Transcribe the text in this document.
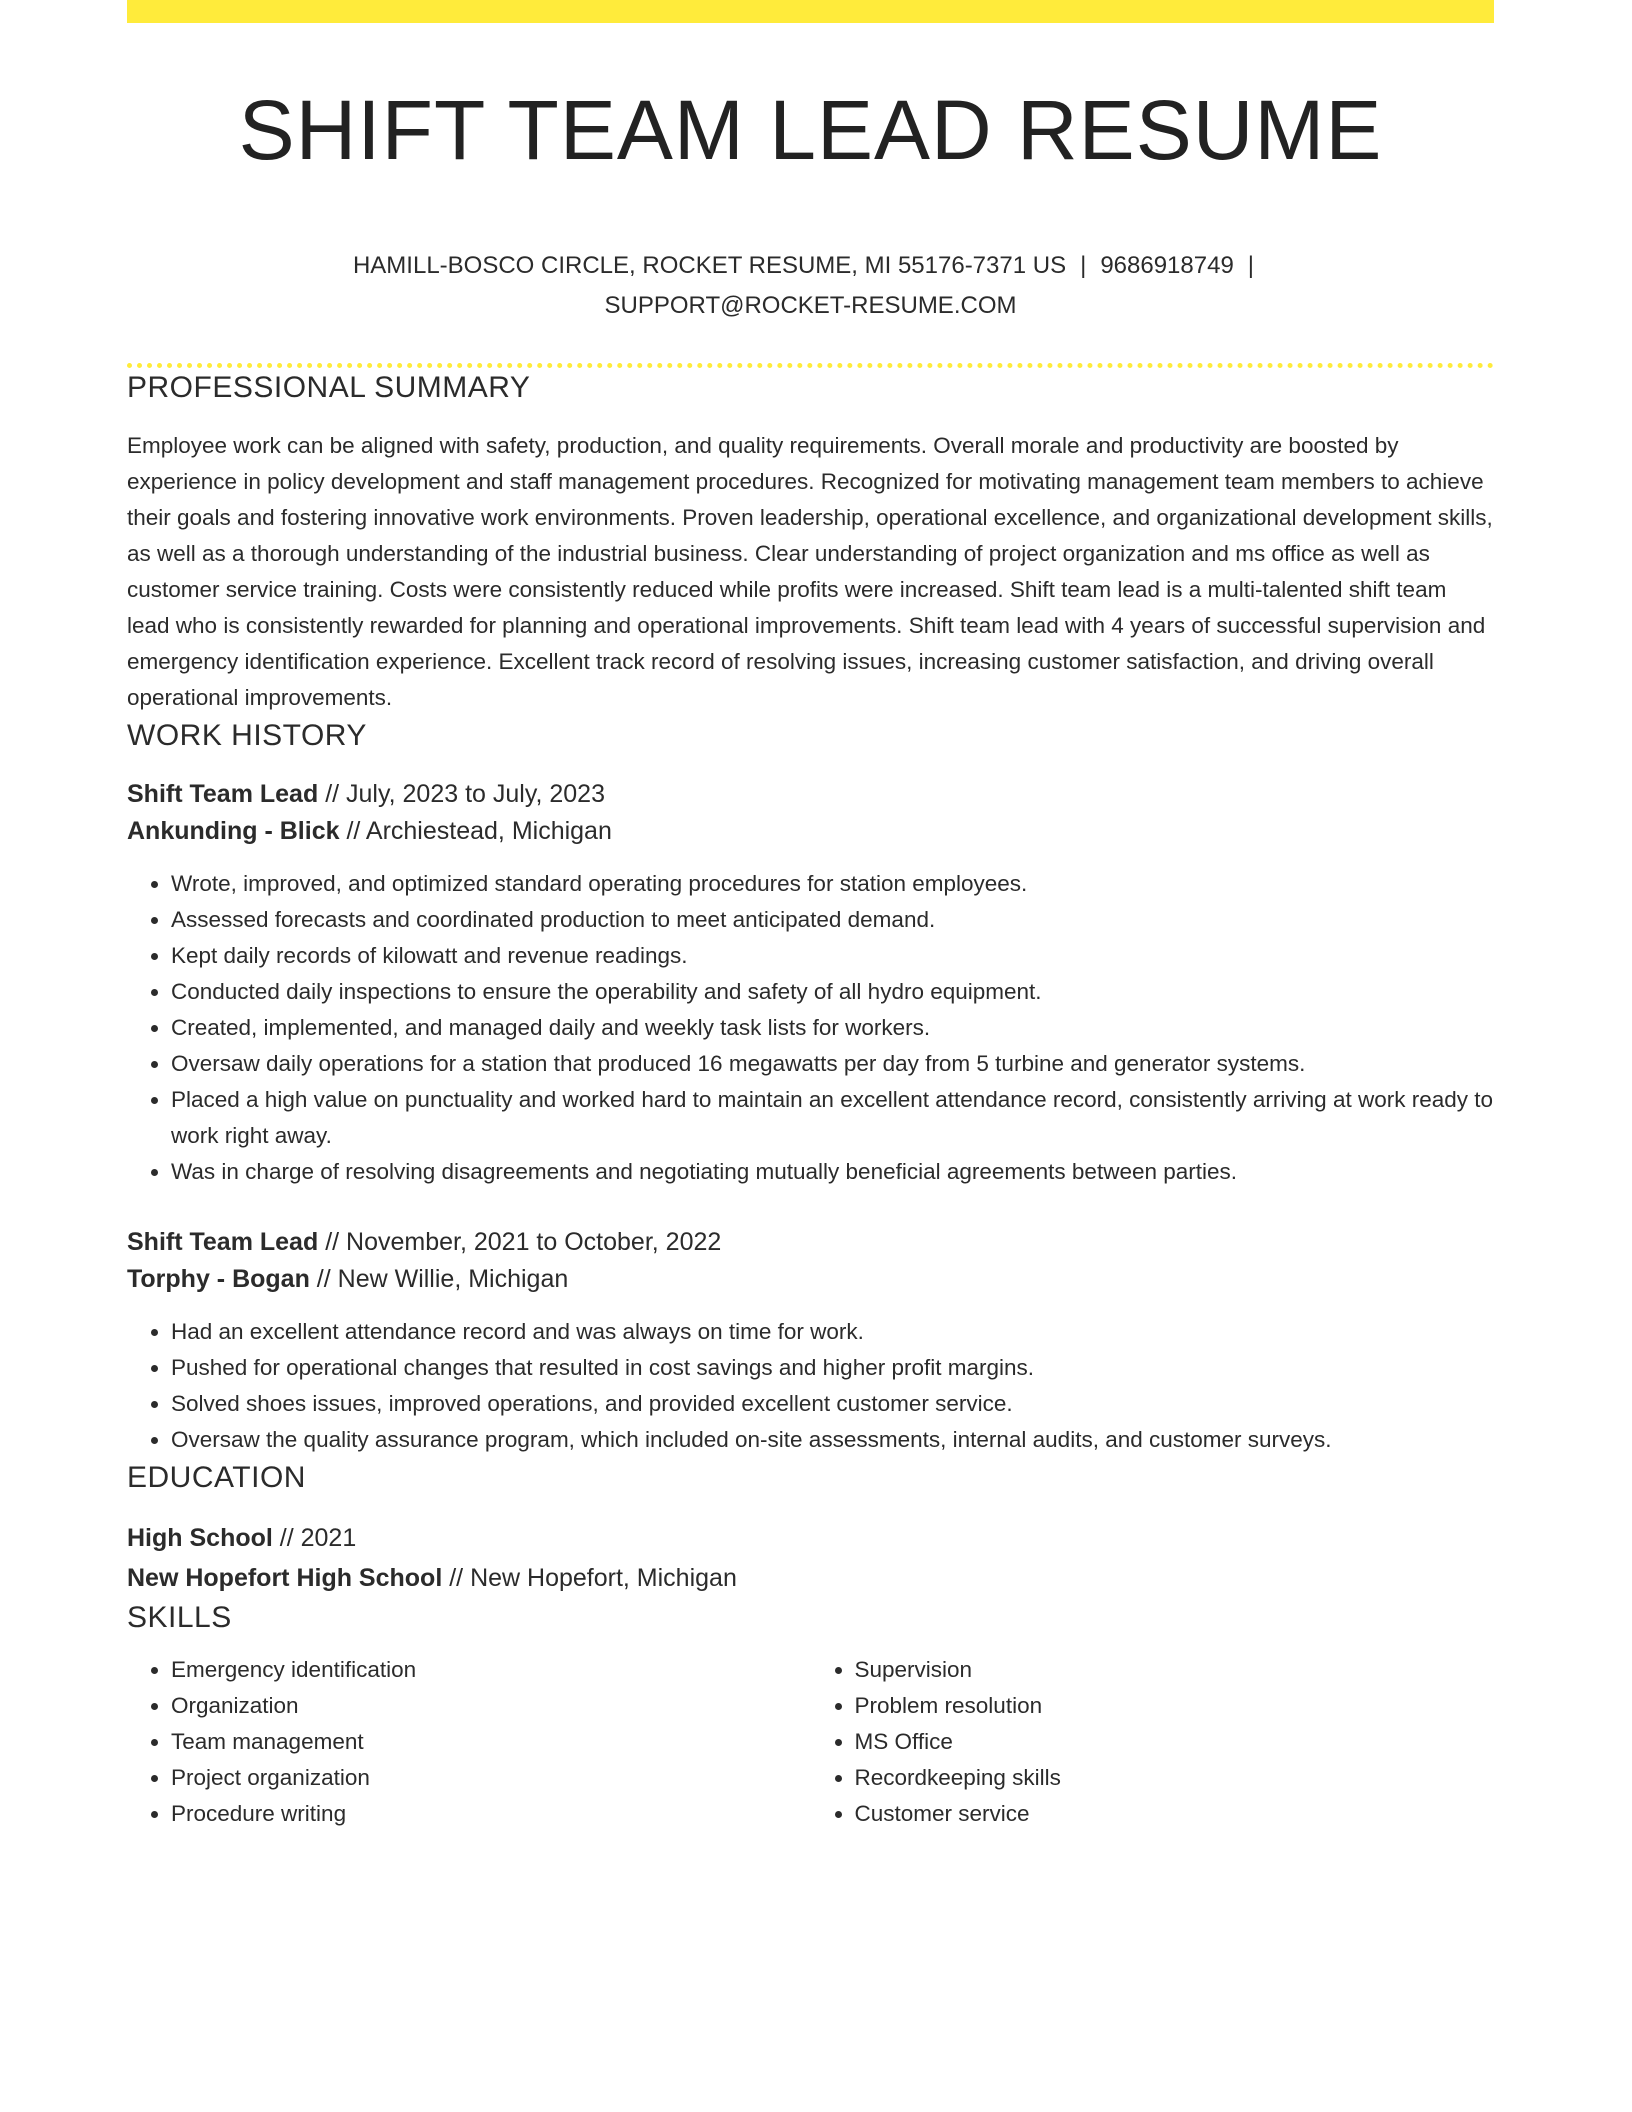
SHIFT TEAM LEAD RESUME
HAMILL-BOSCO CIRCLE, ROCKET RESUME, MI 55176-7371 US | 9686918749 |
SUPPORT@ROCKET-RESUME.COM
PROFESSIONAL SUMMARY
Employee work can be aligned with safety, production, and quality requirements. Overall morale and productivity are boosted by experience in policy development and staff management procedures. Recognized for motivating management team members to achieve their goals and fostering innovative work environments. Proven leadership, operational excellence, and organizational development skills, as well as a thorough understanding of the industrial business. Clear understanding of project organization and ms office as well as customer service training. Costs were consistently reduced while profits were increased. Shift team lead is a multi-talented shift team lead who is consistently rewarded for planning and operational improvements. Shift team lead with 4 years of successful supervision and emergency identification experience. Excellent track record of resolving issues, increasing customer satisfaction, and driving overall operational improvements.
WORK HISTORY
Shift Team Lead // July, 2023 to July, 2023
Ankunding - Blick // Archiestead, Michigan
• Wrote, improved, and optimized standard operating procedures for station employees.
• Assessed forecasts and coordinated production to meet anticipated demand.
• Kept daily records of kilowatt and revenue readings.
• Conducted daily inspections to ensure the operability and safety of all hydro equipment.
• Created, implemented, and managed daily and weekly task lists for workers.
• Oversaw daily operations for a station that produced 16 megawatts per day from 5 turbine and generator systems.
• Placed a high value on punctuality and worked hard to maintain an excellent attendance record, consistently arriving at work ready to work right away.
• Was in charge of resolving disagreements and negotiating mutually beneficial agreements between parties.
Shift Team Lead // November, 2021 to October, 2022
Torphy - Bogan // New Willie, Michigan
• Had an excellent attendance record and was always on time for work.
• Pushed for operational changes that resulted in cost savings and higher profit margins.
• Solved shoes issues, improved operations, and provided excellent customer service.
• Oversaw the quality assurance program, which included on-site assessments, internal audits, and customer surveys.
EDUCATION
High School // 2021
New Hopefort High School // New Hopefort, Michigan
SKILLS
• Emergency identification
• Organization
• Team management
• Project organization
• Procedure writing
• Supervision
• Problem resolution
• MS Office
• Recordkeeping skills
• Customer service
